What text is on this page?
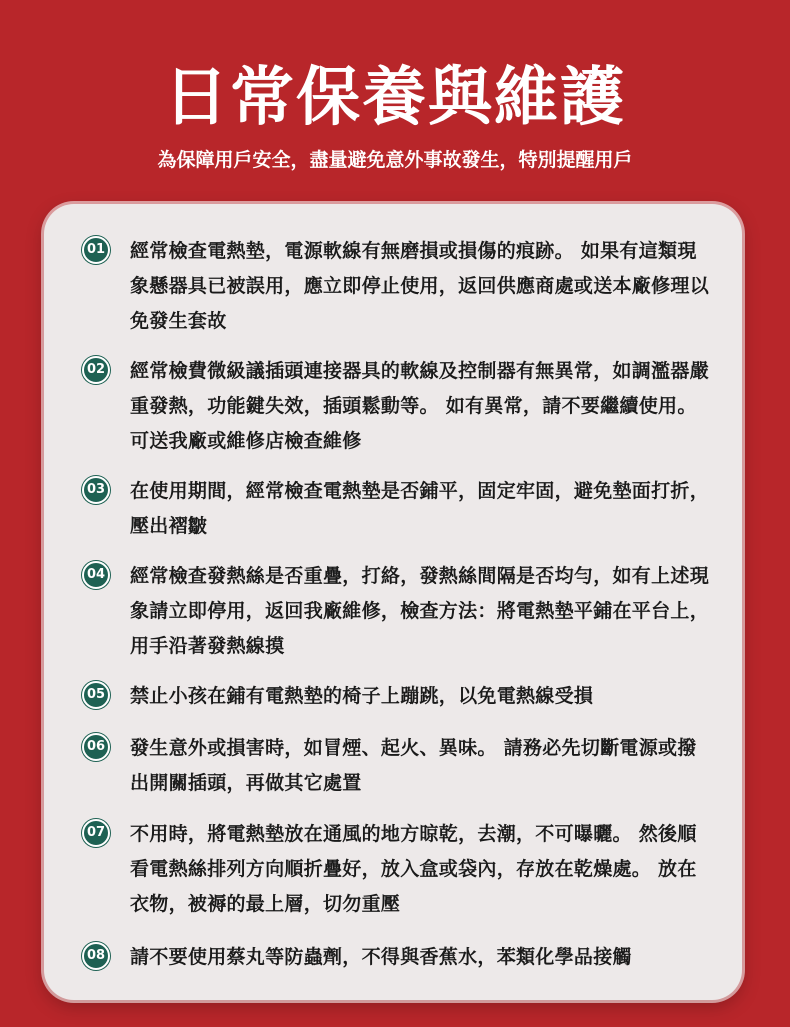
日常保養與維護

為保障用戶安全，盡量避免意外事故發生，特別提醒用戶

01 經常檢查電熱墊，電源軟線有無磨損或損傷的痕跡。 如果有這類現象懸器具已被誤用，應立即停止使用，返回供應商處或送本廠修理以免發生套故

02 經常檢費微級議插頭連接器具的軟線及控制器有無異常，如調濫器嚴重發熱，功能鍵失效，插頭鬆動等。 如有異常，請不要繼續使用。 可送我廠或維修店檢查維修

03 在使用期間，經常檢查電熱墊是否鋪平，固定牢固，避免墊面打折，壓出褶皺

04 經常檢查發熱絲是否重疊，打絡，發熱絲間隔是否均勻，如有上述現象請立即停用，返回我廠維修，檢查方法：將電熱墊平鋪在平台上，用手沿著發熱線摸

05 禁止小孩在鋪有電熱墊的椅子上蹦跳，以免電熱線受損

06 發生意外或損害時，如冒煙、起火、異味。 請務必先切斷電源或撥出開關插頭，再做其它處置

07 不用時，將電熱墊放在通風的地方晾乾，去潮，不可曝曬。 然後順看電熱絲排列方向順折疊好，放入盒或袋內，存放在乾燥處。 放在衣物，被褥的最上層，切勿重壓

08 請不要使用蔡丸等防蟲劑，不得與香蕉水，苯類化學品接觸
